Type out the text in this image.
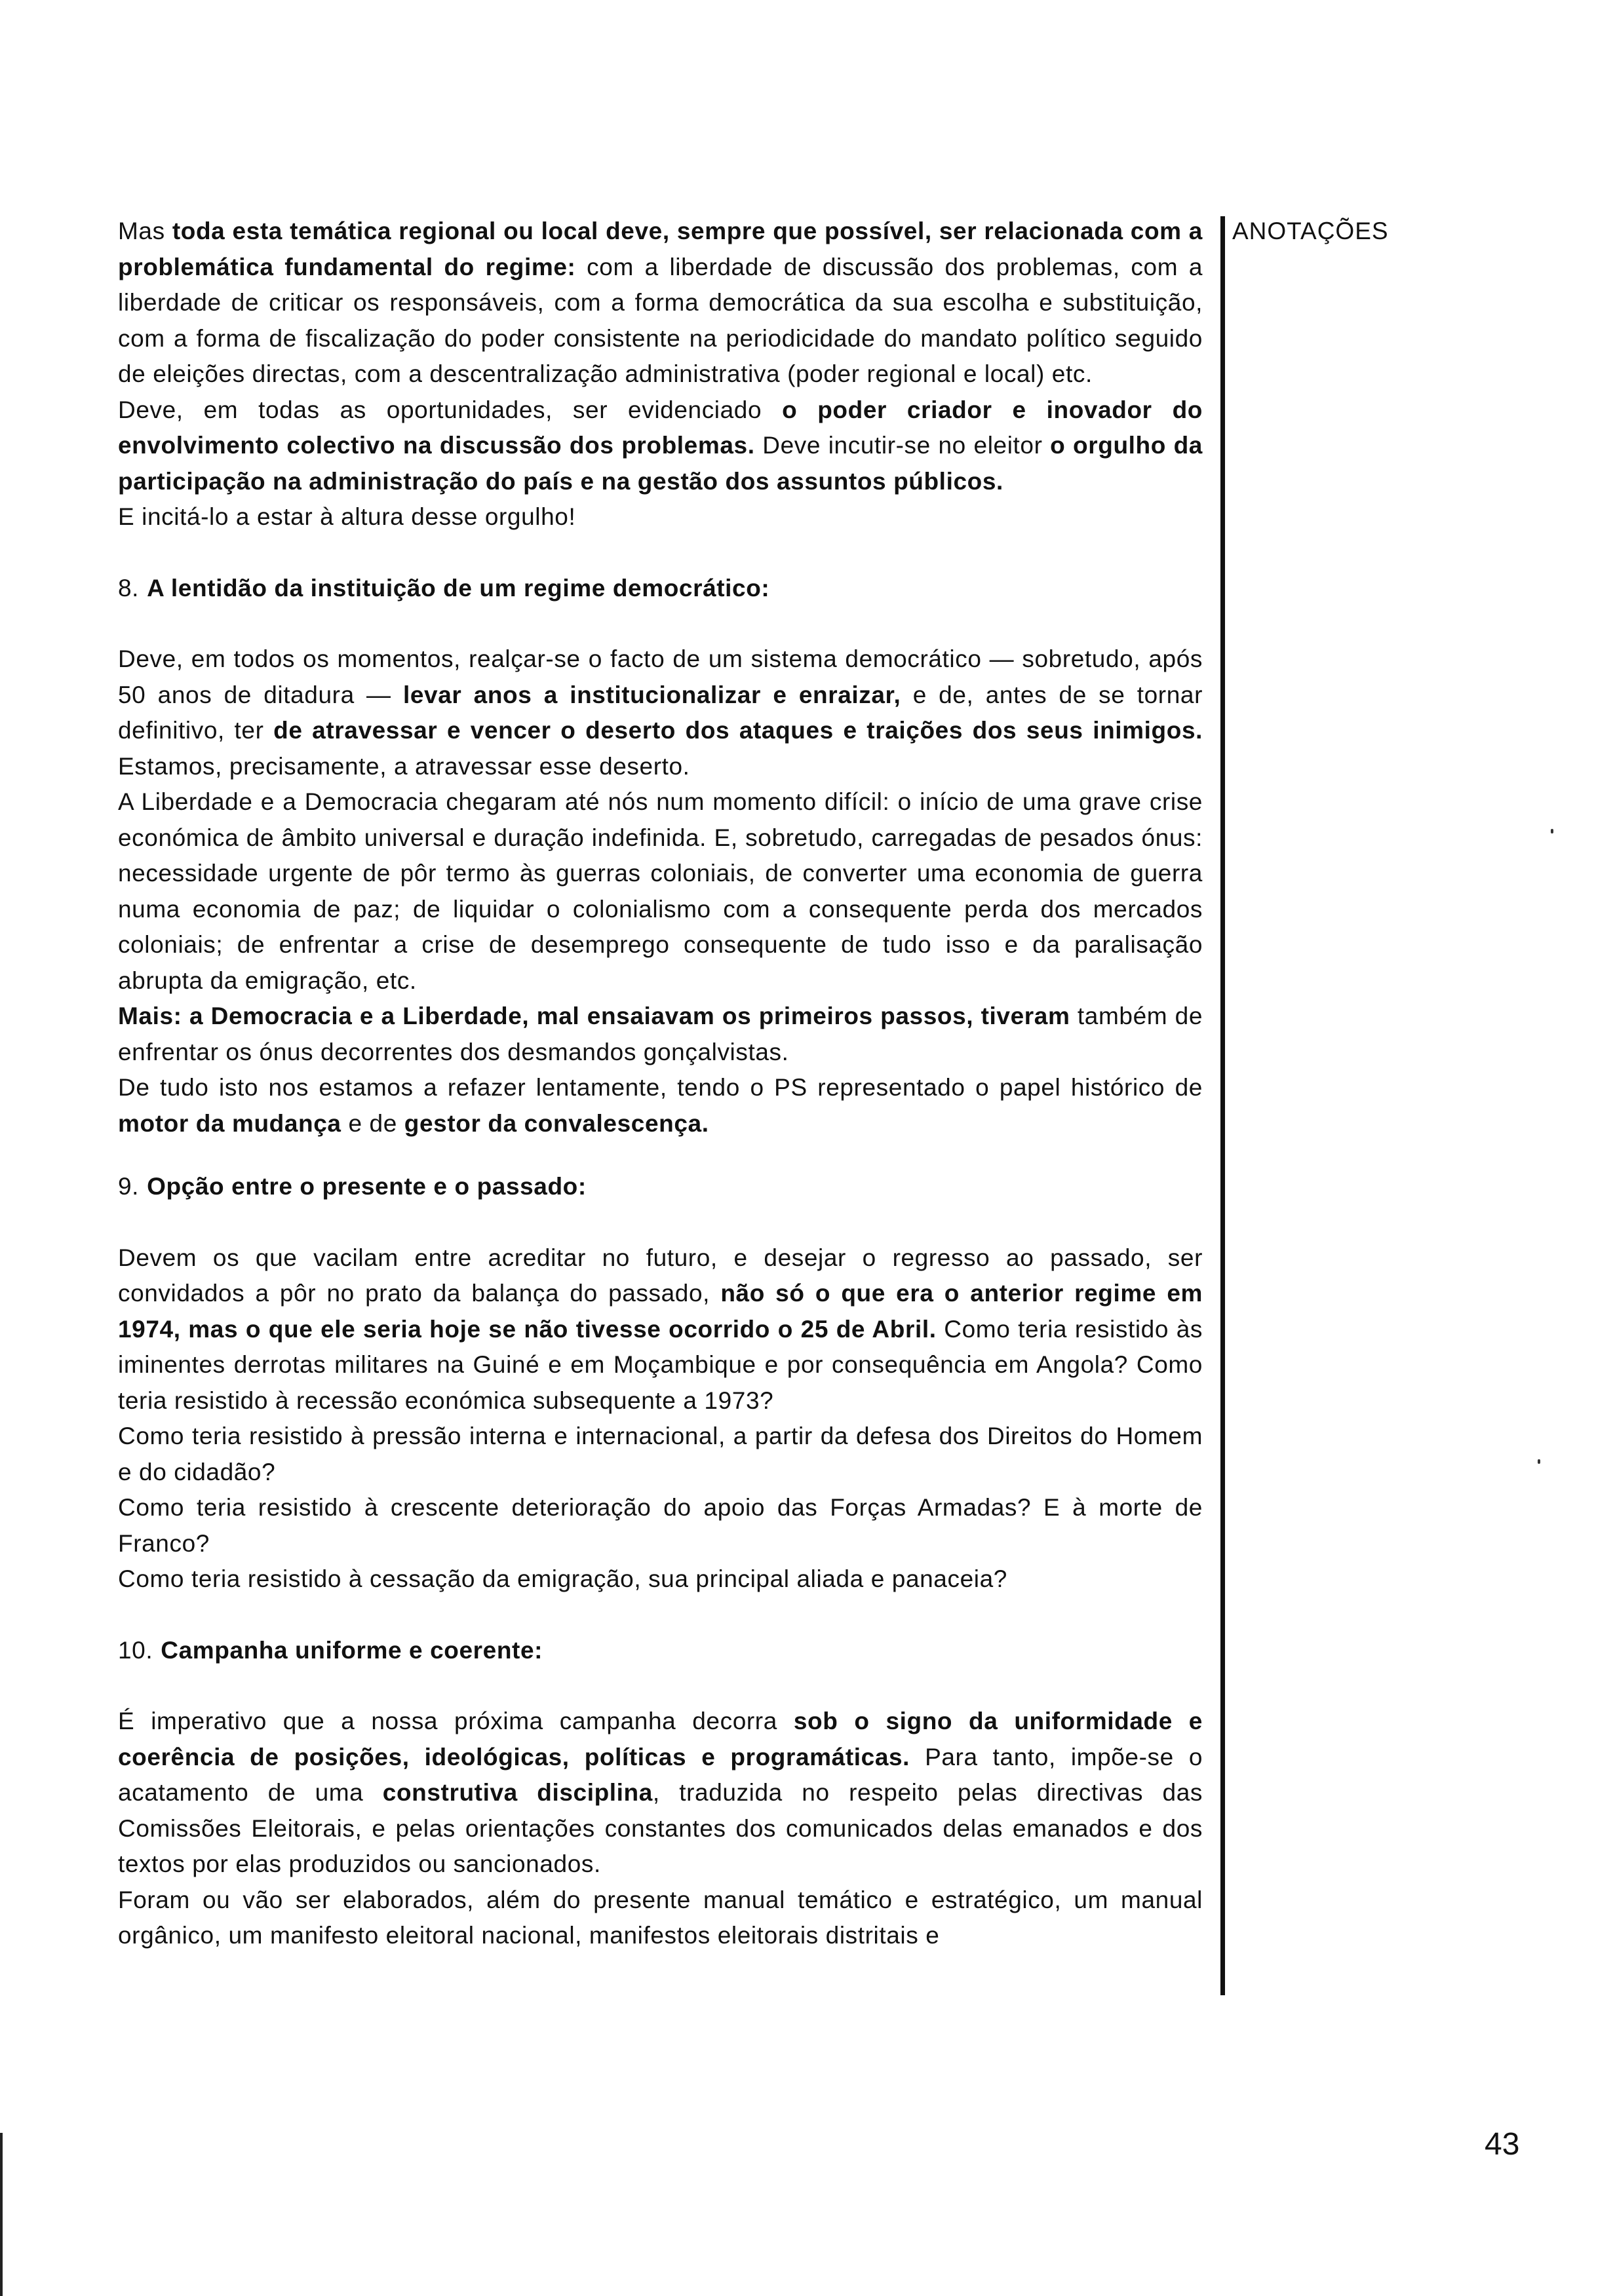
Mas toda esta temática regional ou local deve, sempre que possível, ser relacionada com a problemática fundamental do regime: com a liberdade de discussão dos problemas, com a liberdade de criticar os responsáveis, com a forma democrática da sua escolha e substituição, com a forma de fiscalização do poder consistente na periodicidade do mandato político seguido de eleições directas, com a descentralização administrativa (poder regional e local) etc.

Deve, em todas as oportunidades, ser evidenciado o poder criador e inovador do envolvimento colectivo na discussão dos problemas. Deve incutir-se no eleitor o orgulho da participação na administração do país e na gestão dos assuntos públicos.

E incitá-lo a estar à altura desse orgulho!

8. A lentidão da instituição de um regime democrático:

Deve, em todos os momentos, realçar-se o facto de um sistema democrático — sobretudo, após 50 anos de ditadura — levar anos a institucionalizar e enraizar, e de, antes de se tornar definitivo, ter de atravessar e vencer o deserto dos ataques e traições dos seus inimigos. Estamos, precisamente, a atravessar esse deserto.

A Liberdade e a Democracia chegaram até nós num momento difícil: o início de uma grave crise económica de âmbito universal e duração indefinida. E, sobretudo, carregadas de pesados ónus: necessidade urgente de pôr termo às guerras coloniais, de converter uma economia de guerra numa economia de paz; de liquidar o colonialismo com a consequente perda dos mercados coloniais; de enfrentar a crise de desemprego consequente de tudo isso e da paralisação abrupta da emigração, etc.

Mais: a Democracia e a Liberdade, mal ensaiavam os primeiros passos, tiveram também de enfrentar os ónus decorrentes dos desmandos gonçalvistas.

De tudo isto nos estamos a refazer lentamente, tendo o PS representado o papel histórico de motor da mudança e de gestor da convalescença.

9. Opção entre o presente e o passado:

Devem os que vacilam entre acreditar no futuro, e desejar o regresso ao passado, ser convidados a pôr no prato da balança do passado, não só o que era o anterior regime em 1974, mas o que ele seria hoje se não tivesse ocorrido o 25 de Abril. Como teria resistido às iminentes derrotas militares na Guiné e em Moçambique e por consequência em Angola? Como teria resistido à recessão económica subsequente a 1973?

Como teria resistido à pressão interna e internacional, a partir da defesa dos Direitos do Homem e do cidadão?

Como teria resistido à crescente deterioração do apoio das Forças Armadas? E à morte de Franco?

Como teria resistido à cessação da emigração, sua principal aliada e panaceia?

10. Campanha uniforme e coerente:

É imperativo que a nossa próxima campanha decorra sob o signo da uniformidade e coerência de posições, ideológicas, políticas e programáticas. Para tanto, impõe-se o acatamento de uma construtiva disciplina, traduzida no respeito pelas directivas das Comissões Eleitorais, e pelas orientações constantes dos comunicados delas emanados e dos textos por elas produzidos ou sancionados.

Foram ou vão ser elaborados, além do presente manual temático e estratégico, um manual orgânico, um manifesto eleitoral nacional, manifestos eleitorais distritais e

ANOTAÇÕES
43
